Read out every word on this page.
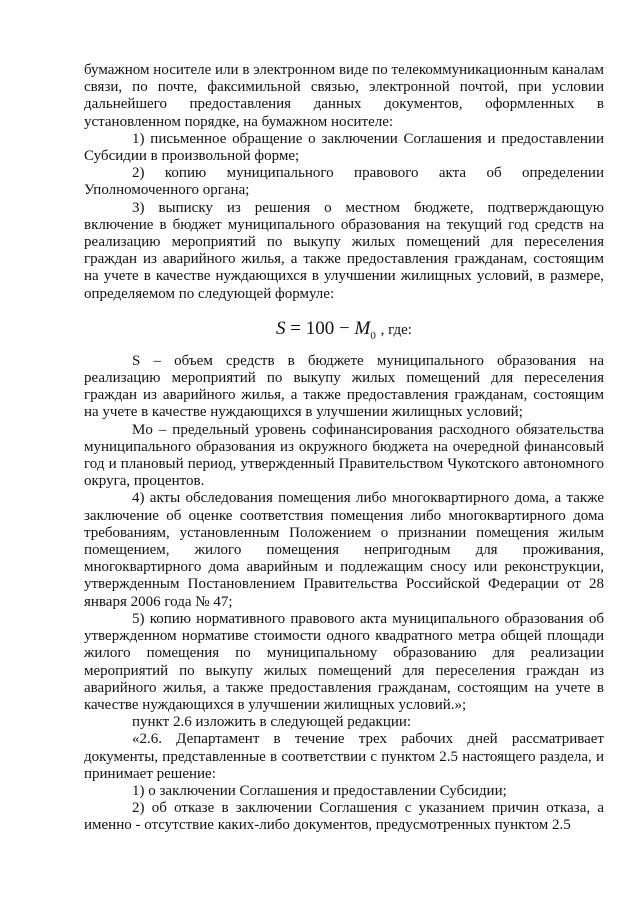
бумажном носителе или в электронном виде по телекоммуникационным каналам связи, по почте, факсимильной связью, электронной почтой, при условии дальнейшего предоставления данных документов, оформленных в установленном порядке, на бумажном носителе:

1) письменное обращение о заключении Соглашения и предоставлении Субсидии в произвольной форме;

2) копию муниципального правового акта об определении Уполномоченного органа;

3) выписку из решения о местном бюджете, подтверждающую включение в бюджет муниципального образования на текущий год средств на реализацию мероприятий по выкупу жилых помещений для переселения граждан из аварийного жилья, а также предоставления гражданам, состоящим на учете в качестве нуждающихся в улучшении жилищных условий, в размере, определяемом по следующей формуле:

$S = 100 - M_0$ , где:

S – объем средств в бюджете муниципального образования на реализацию мероприятий по выкупу жилых помещений для переселения граждан из аварийного жилья, а также предоставления гражданам, состоящим на учете в качестве нуждающихся в улучшении жилищных условий;

Mо – предельный уровень софинансирования расходного обязательства муниципального образования из окружного бюджета на очередной финансовый год и плановый период, утвержденный Правительством Чукотского автономного округа, процентов.

4) акты обследования помещения либо многоквартирного дома, а также заключение об оценке соответствия помещения либо многоквартирного дома требованиям, установленным Положением о признании помещения жилым помещением, жилого помещения непригодным для проживания, многоквартирного дома аварийным и подлежащим сносу или реконструкции, утвержденным Постановлением Правительства Российской Федерации от 28 января 2006 года № 47;

5) копию нормативного правового акта муниципального образования об утвержденном нормативе стоимости одного квадратного метра общей площади жилого помещения по муниципальному образованию для реализации мероприятий по выкупу жилых помещений для переселения граждан из аварийного жилья, а также предоставления гражданам, состоящим на учете в качестве нуждающихся в улучшении жилищных условий.»;

пункт 2.6 изложить в следующей редакции:

«2.6. Департамент в течение трех рабочих дней рассматривает документы, представленные в соответствии с пунктом 2.5 настоящего раздела, и принимает решение:

1) о заключении Соглашения и предоставлении Субсидии;

2) об отказе в заключении Соглашения с указанием причин отказа, а именно - отсутствие каких-либо документов, предусмотренных пунктом 2.5
